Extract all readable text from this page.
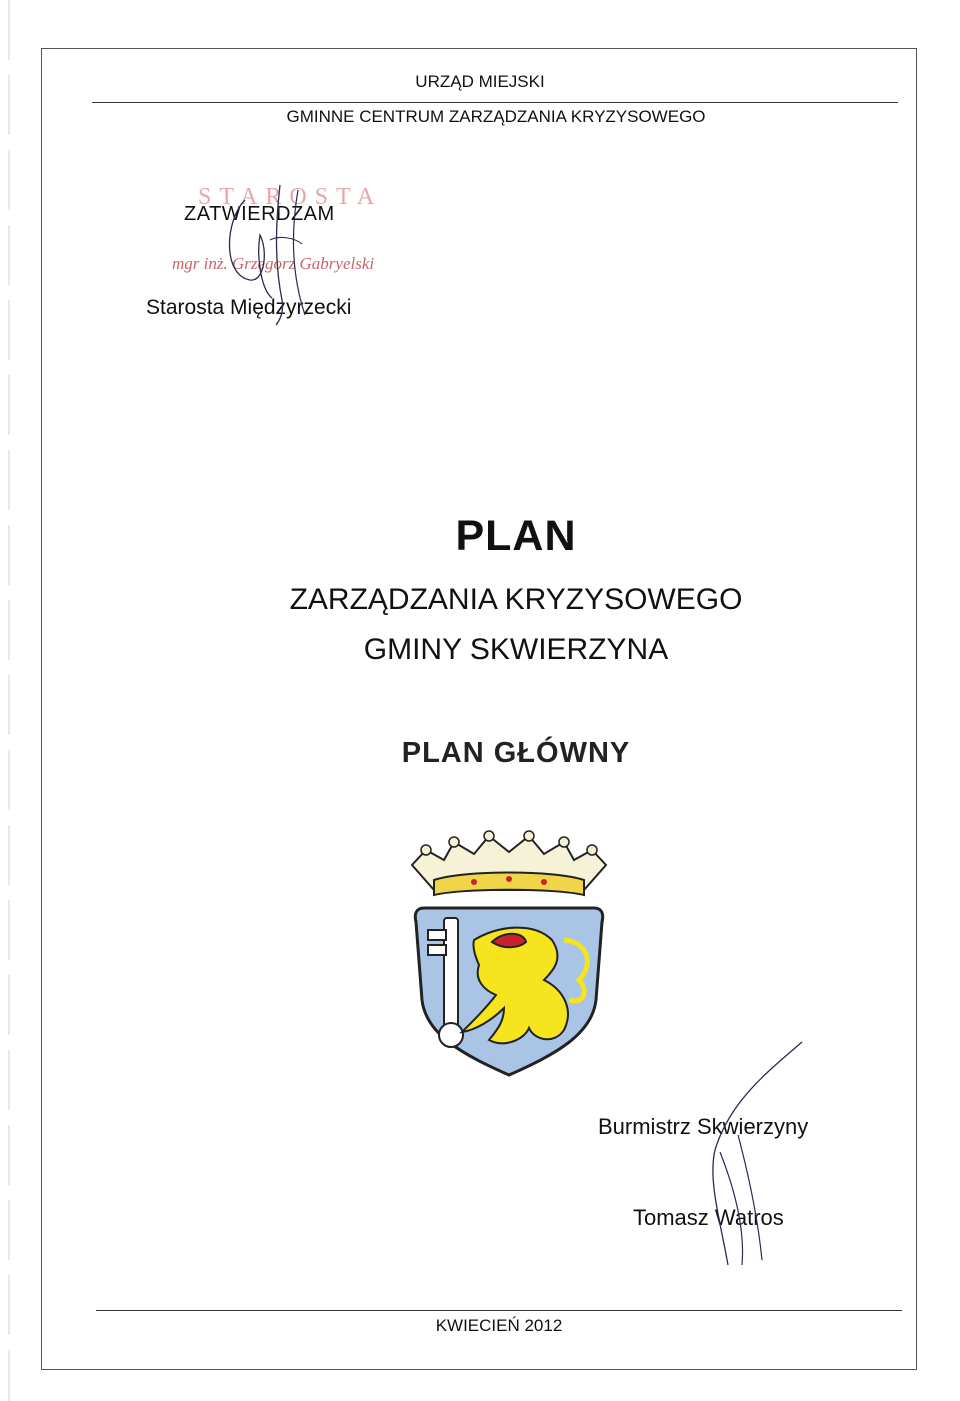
URZĄD MIEJSKI
GMINNE CENTRUM ZARZĄDZANIA KRYZYSOWEGO
STAROSTA
ZATWIERDZAM
mgr inż. Grzegorz Gabryelski
Starosta Międzyrzecki
PLAN
ZARZĄDZANIA KRYZYSOWEGO
GMINY SKWIERZYNA
PLAN GŁÓWNY
Burmistrz Skwierzyny
Tomasz Watros
KWIECIEŃ 2012
